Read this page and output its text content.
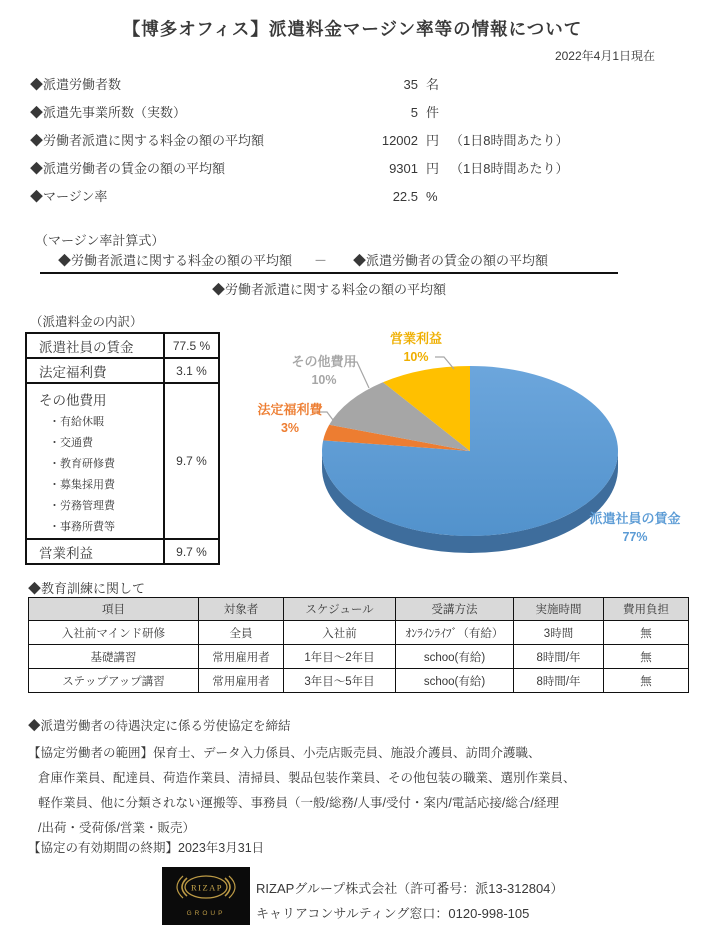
【博多オフィス】派遣料金マージン率等の情報について
2022年4月1日現在
◆派遣労働者数	35 名
◆派遣先事業所数（実数）	5 件
◆労働者派遣に関する料金の額の平均額	12002 円 （1日8時間あたり）
◆派遣労働者の賃金の額の平均額	9301 円 （1日8時間あたり）
◆マージン率	22.5 %
（マージン率計算式）
◆労働者派遣に関する料金の額の平均額 － ◆派遣労働者の賃金の額の平均額
◆労働者派遣に関する料金の額の平均額
（派遣料金の内訳）
派遣社員の賃金	77.5 %
法定福利費	3.1 %
その他費用
・有給休暇
・交通費
・教育研修費
・募集採用費
・労務管理費
・事務所費等
	9.7 %
営業利益	9.7 %
営業利益
10%
その他費用
10%
法定福利費
3%
派遣社員の賃金
77%
◆教育訓練に関して
項目	対象者	スケジュール	受講方法	実施時間	費用負担
入社前マインド研修	全員	入社前	ｵﾝﾗｲﾝﾗｲﾌﾞ（有給）	3時間	無
基礎講習	常用雇用者	1年目～2年目	schoo(有給)	8時間/年	無
ステップアップ講習	常用雇用者	3年目～5年目	schoo(有給)	8時間/年	無
◆派遣労働者の待遇決定に係る労使協定を締結
【協定労働者の範囲】保育士、データ入力係員、小売店販売員、施設介護員、訪問介護職、
倉庫作業員、配達員、荷造作業員、清掃員、製品包装作業員、その他包装の職業、選別作業員、
軽作業員、他に分類されない運搬等、事務員（一般/総務/人事/受付・案内/電話応接/総合/経理
/出荷・受荷係/営業・販売）
【協定の有効期間の終期】2023年3月31日
RIZAP
GROUP
RIZAPグループ株式会社（許可番号：派13-312804）
キャリアコンサルティング窓口：0120-998-105
